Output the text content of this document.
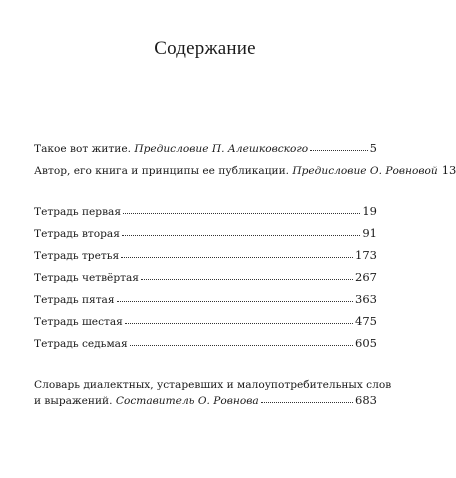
Содержание
Такое вот житие. Предисловие П. Алешковского	5
Автор, его книга и принципы ее публикации. Предисловие О. Ровновой 13
Тетрадь первая	19
Тетрадь вторая	91
Тетрадь третья	173
Тетрадь четвёртая	267
Тетрадь пятая	363
Тетрадь шестая	475
Тетрадь седьмая	605
Словарь диалектных, устаревших и малоупотребительных слов
и выражений. Составитель О. Ровнова	683
